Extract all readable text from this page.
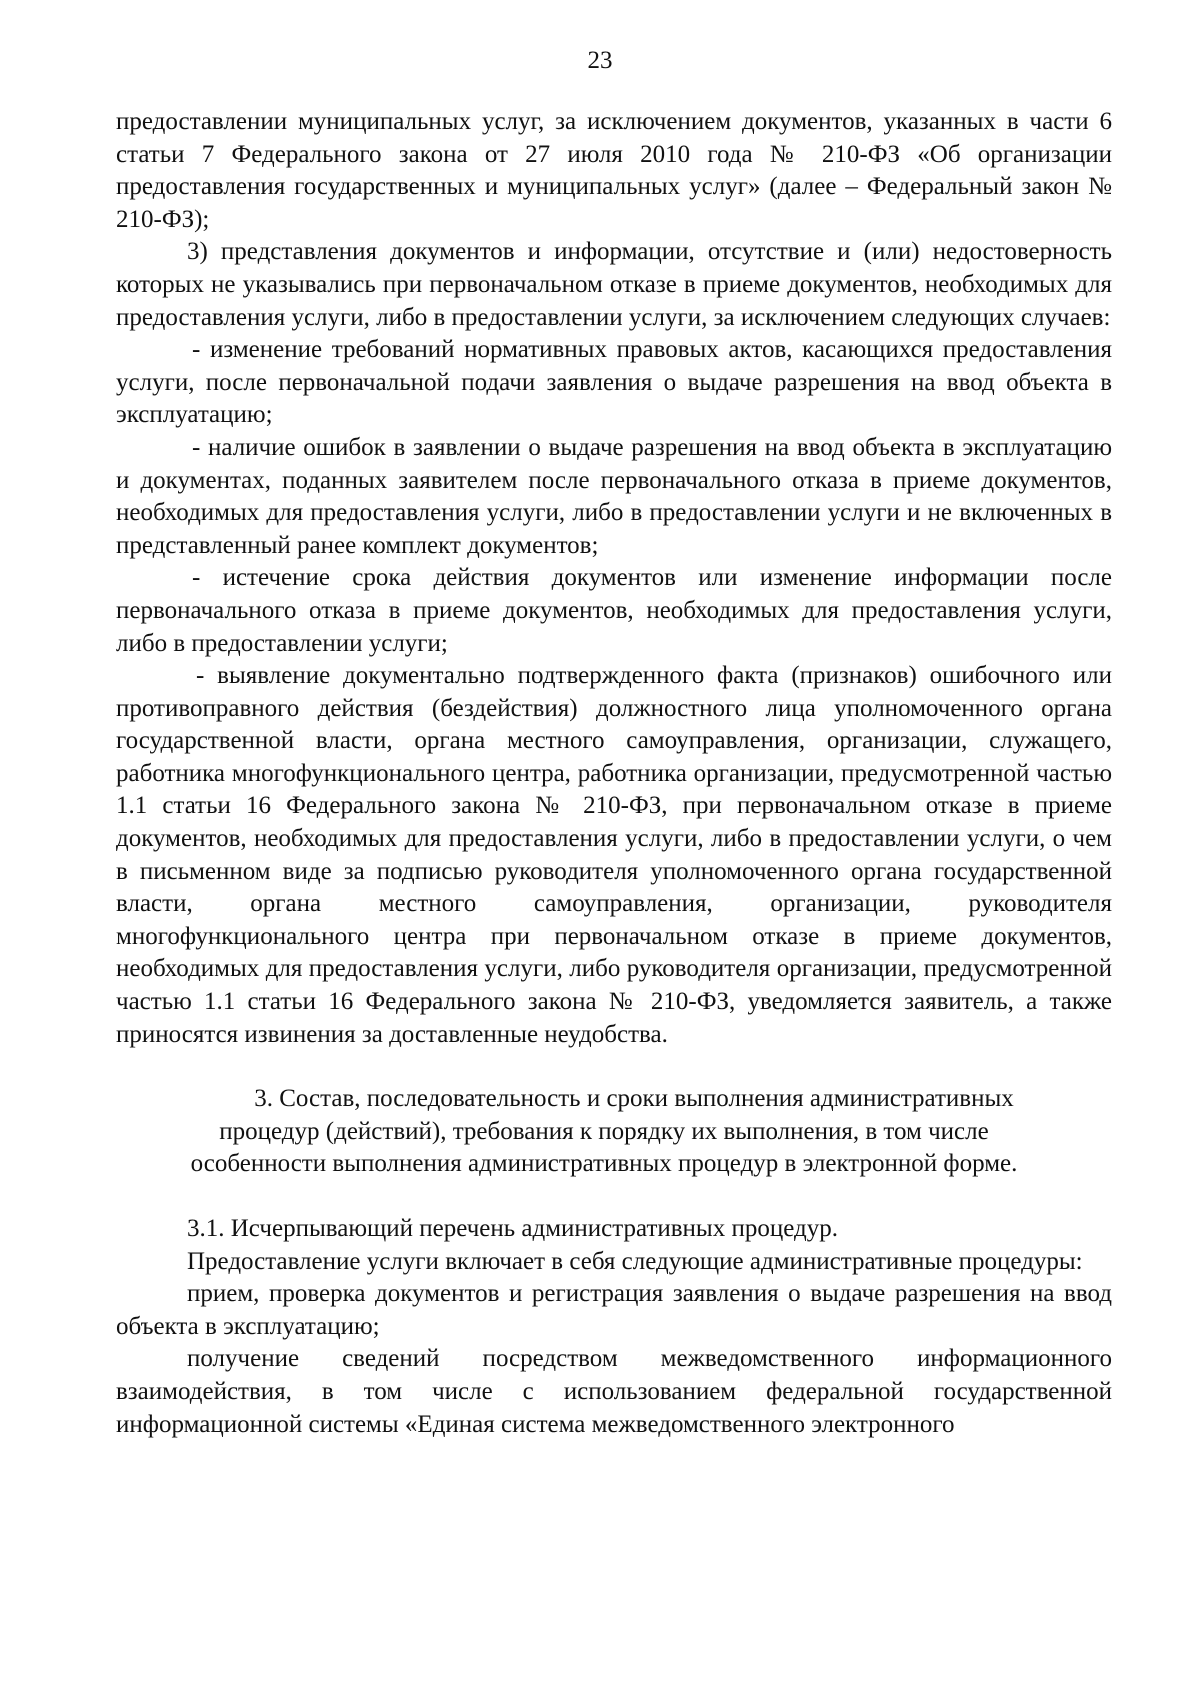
23

предоставлении муниципальных услуг, за исключением документов, указанных в части 6 статьи 7 Федерального закона от 27 июля 2010 года № 210-ФЗ «Об организации предоставления государственных и муниципальных услуг» (далее – Федеральный закон № 210-ФЗ);

3) представления документов и информации, отсутствие и (или) недостоверность которых не указывались при первоначальном отказе в приеме документов, необходимых для предоставления услуги, либо в предоставлении услуги, за исключением следующих случаев:

- изменение требований нормативных правовых актов, касающихся предоставления услуги, после первоначальной подачи заявления о выдаче разрешения на ввод объекта в эксплуатацию;

- наличие ошибок в заявлении о выдаче разрешения на ввод объекта в эксплуатацию и документах, поданных заявителем после первоначального отказа в приеме документов, необходимых для предоставления услуги, либо в предоставлении услуги и не включенных в представленный ранее комплект документов;

- истечение срока действия документов или изменение информации после первоначального отказа в приеме документов, необходимых для предоставления услуги, либо в предоставлении услуги;

- выявление документально подтвержденного факта (признаков) ошибочного или противоправного действия (бездействия) должностного лица уполномоченного органа государственной власти, органа местного самоуправления, организации, служащего, работника многофункционального центра, работника организации, предусмотренной частью 1.1 статьи 16 Федерального закона № 210-ФЗ, при первоначальном отказе в приеме документов, необходимых для предоставления услуги, либо в предоставлении услуги, о чем в письменном виде за подписью руководителя уполномоченного органа государственной власти, органа местного самоуправления, организации, руководителя многофункционального центра при первоначальном отказе в приеме документов, необходимых для предоставления услуги, либо руководителя организации, предусмотренной частью 1.1 статьи 16 Федерального закона № 210-ФЗ, уведомляется заявитель, а также приносятся извинения за доставленные неудобства.

3. Состав, последовательность и сроки выполнения административных
процедур (действий), требования к порядку их выполнения, в том числе
особенности выполнения административных процедур в электронной форме.

3.1. Исчерпывающий перечень административных процедур.

Предоставление услуги включает в себя следующие административные процедуры:

прием, проверка документов и регистрация заявления о выдаче разрешения на ввод объекта в эксплуатацию;

получение сведений посредством межведомственного информационного взаимодействия, в том числе с использованием федеральной государственной информационной системы «Единая система межведомственного электронного
